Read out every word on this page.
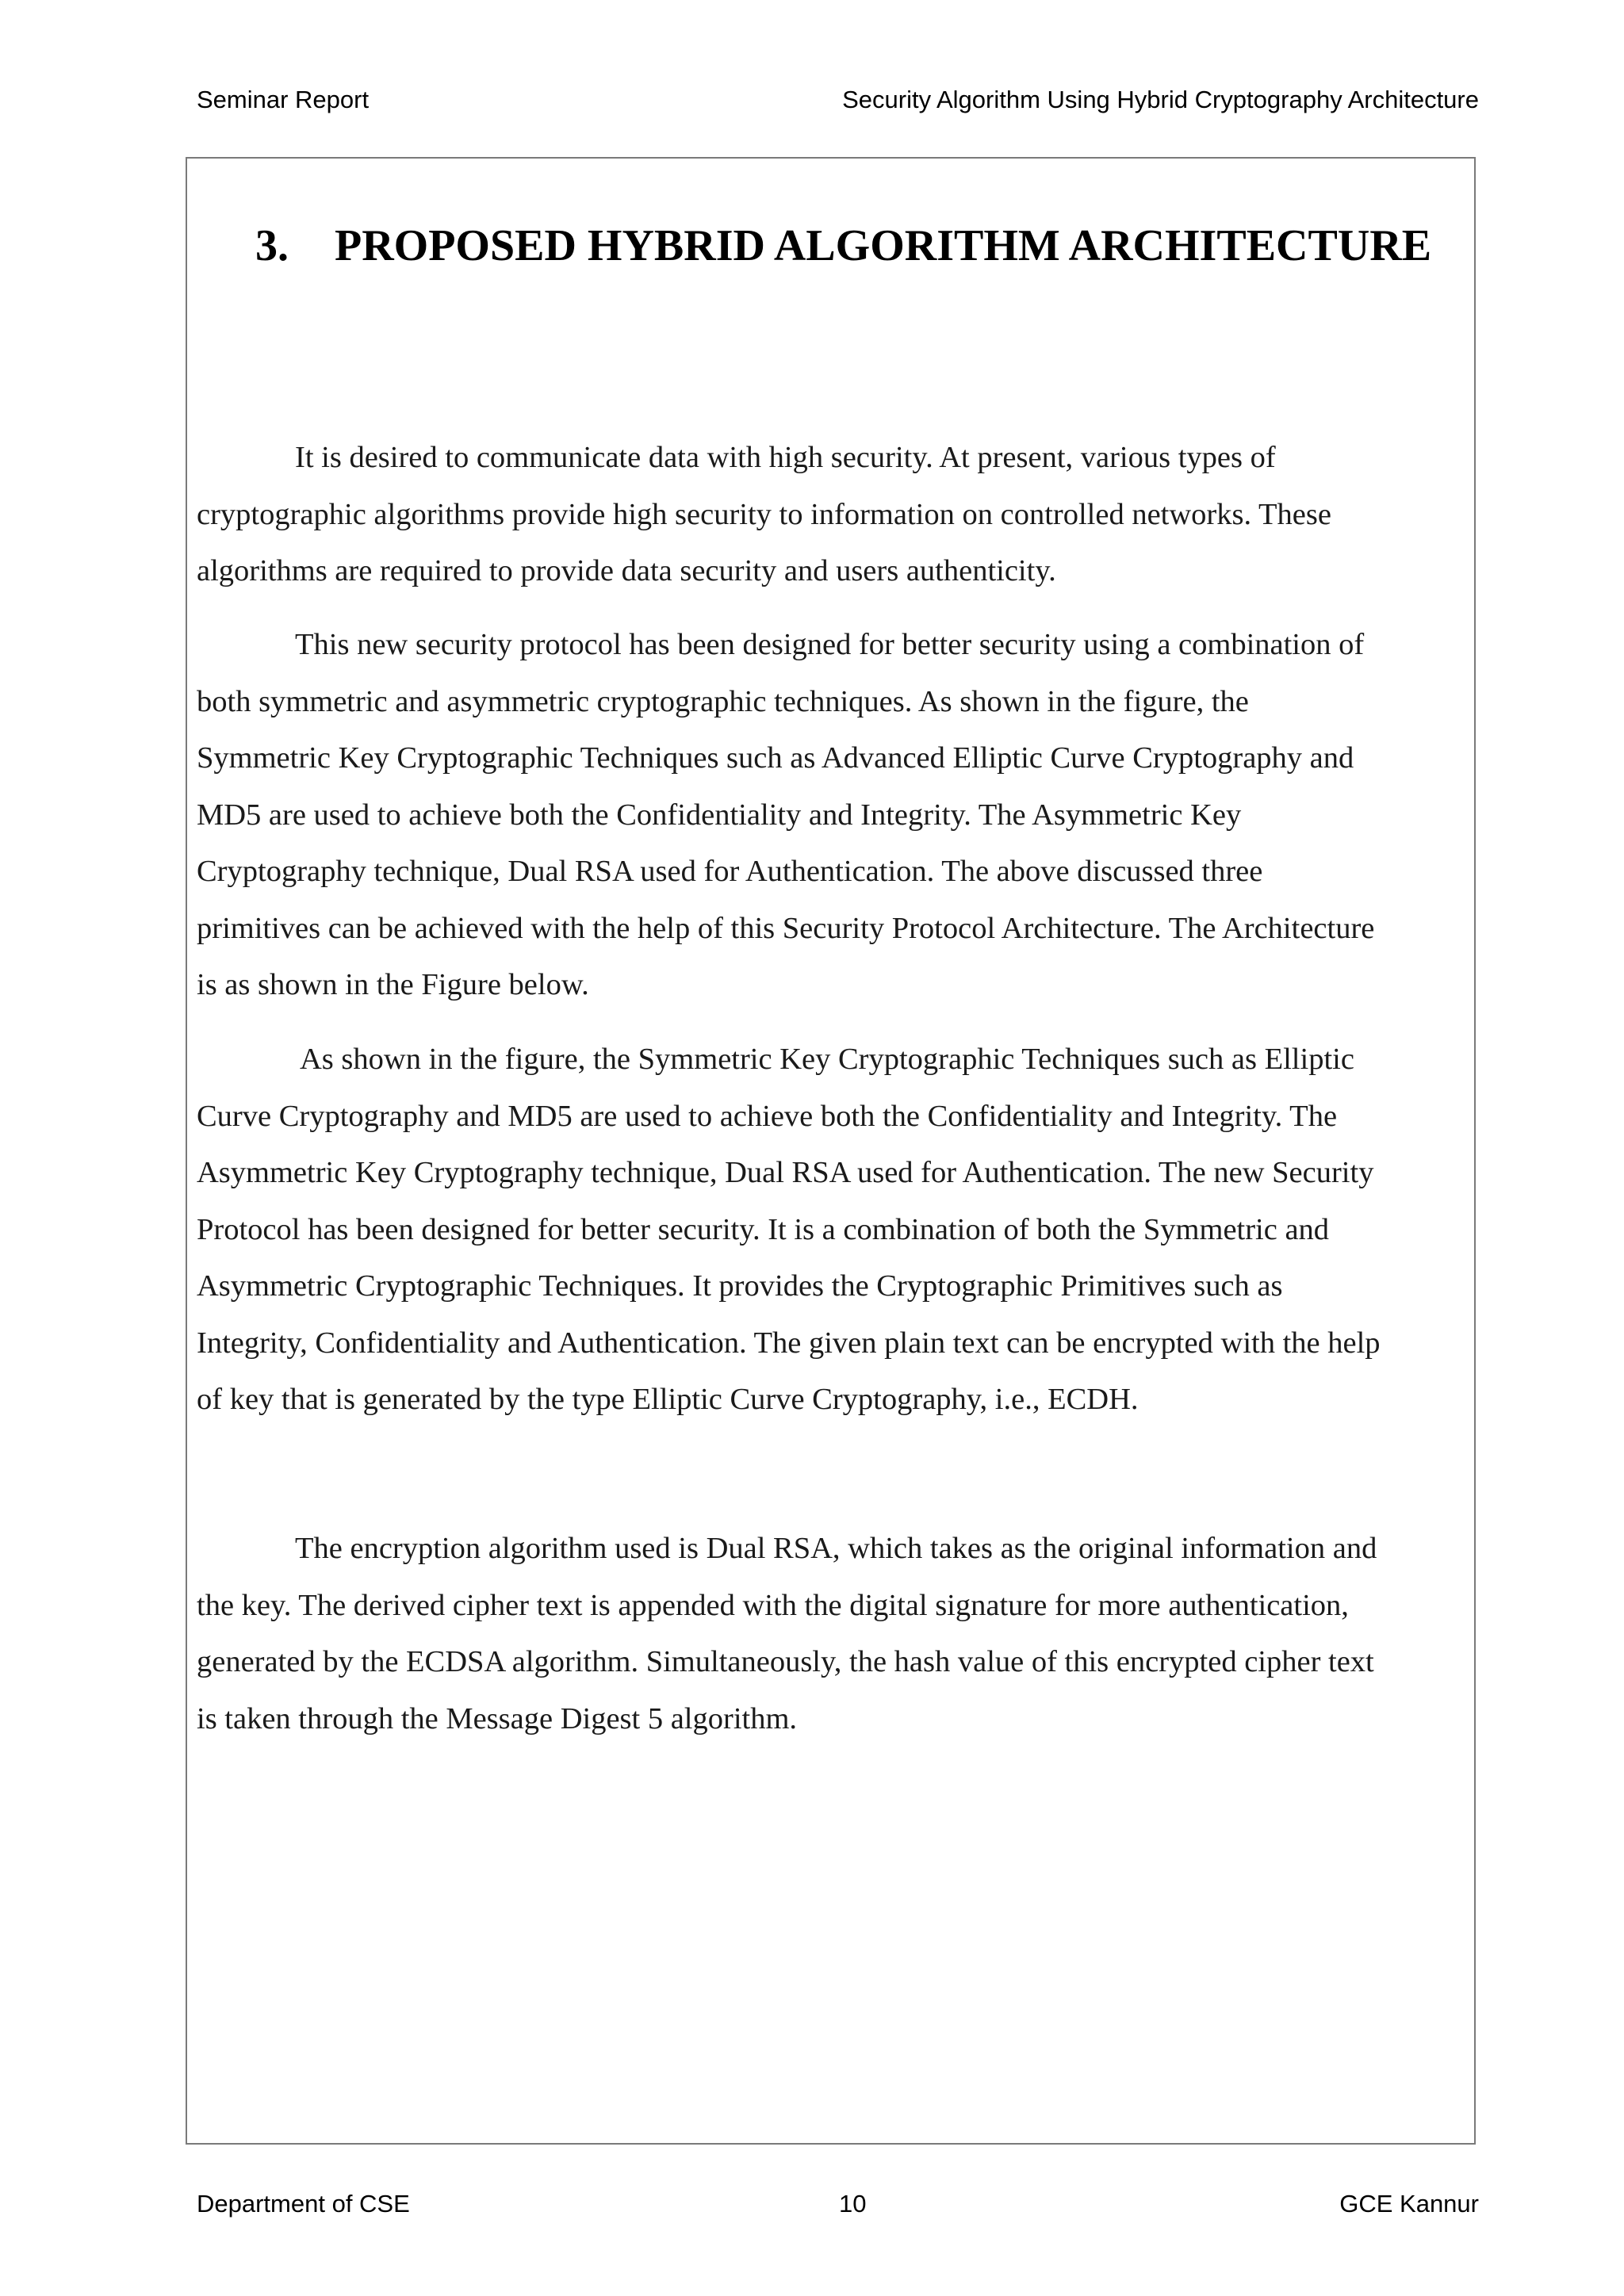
Seminar Report	Security Algorithm Using Hybrid Cryptography Architecture
3. PROPOSED HYBRID ALGORITHM ARCHITECTURE
It is desired to communicate data with high security. At present, various types of
cryptographic algorithms provide high security to information on controlled networks. These
algorithms are required to provide data security and users authenticity.
This new security protocol has been designed for better security using a combination of
both symmetric and asymmetric cryptographic techniques. As shown in the figure, the
Symmetric Key Cryptographic Techniques such as Advanced Elliptic Curve Cryptography and
MD5 are used to achieve both the Confidentiality and Integrity. The Asymmetric Key
Cryptography technique, Dual RSA used for Authentication. The above discussed three
primitives can be achieved with the help of this Security Protocol Architecture. The Architecture
is as shown in the Figure below.
As shown in the figure, the Symmetric Key Cryptographic Techniques such as Elliptic
Curve Cryptography and MD5 are used to achieve both the Confidentiality and Integrity. The
Asymmetric Key Cryptography technique, Dual RSA used for Authentication. The new Security
Protocol has been designed for better security. It is a combination of both the Symmetric and
Asymmetric Cryptographic Techniques. It provides the Cryptographic Primitives such as
Integrity, Confidentiality and Authentication. The given plain text can be encrypted with the help
of key that is generated by the type Elliptic Curve Cryptography, i.e., ECDH.
The encryption algorithm used is Dual RSA, which takes as the original information and
the key. The derived cipher text is appended with the digital signature for more authentication,
generated by the ECDSA algorithm. Simultaneously, the hash value of this encrypted cipher text
is taken through the Message Digest 5 algorithm.
Department of CSE	10	GCE Kannur
